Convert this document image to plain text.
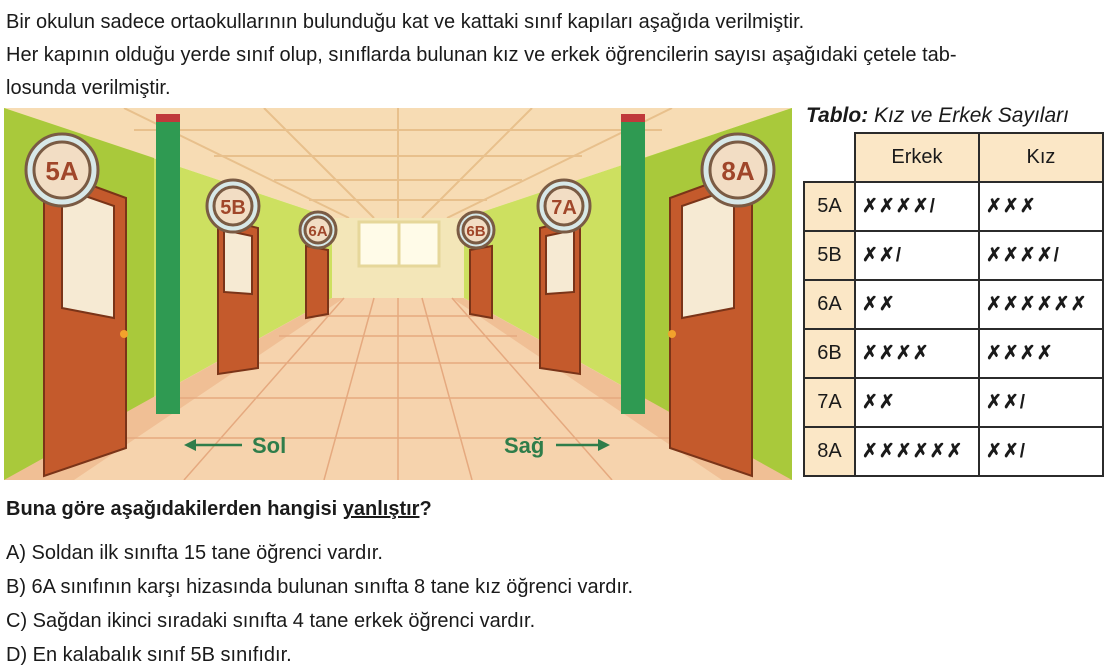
Bir okulun sadece ortaokullarının bulunduğu kat ve kattaki sınıf kapıları aşağıda verilmiştir.

Her kapının olduğu yerde sınıf olup, sınıflarda bulunan kız ve erkek öğrencilerin sayısı aşağıdaki çetele tab-

losunda verilmiştir.

5A
5B
6A	6B
7A
8A
Sol	Sağ
Tablo: Kız ve Erkek Sayıları
	Erkek	Kız
5A	✗✗✗✗/	✗✗✗
5B	✗✗/	✗✗✗✗/
6A	✗✗	✗✗✗✗✗✗
6B	✗✗✗✗	✗✗✗✗
7A	✗✗	✗✗/
8A	✗✗✗✗✗✗	✗✗/
Buna göre aşağıdakilerden hangisi yanlıştır?
A) Soldan ilk sınıfta 15 tane öğrenci vardır.
B) 6A sınıfının karşı hizasında bulunan sınıfta 8 tane kız öğrenci vardır.
C) Sağdan ikinci sıradaki sınıfta 4 tane erkek öğrenci vardır.
D) En kalabalık sınıf 5B sınıfıdır.
